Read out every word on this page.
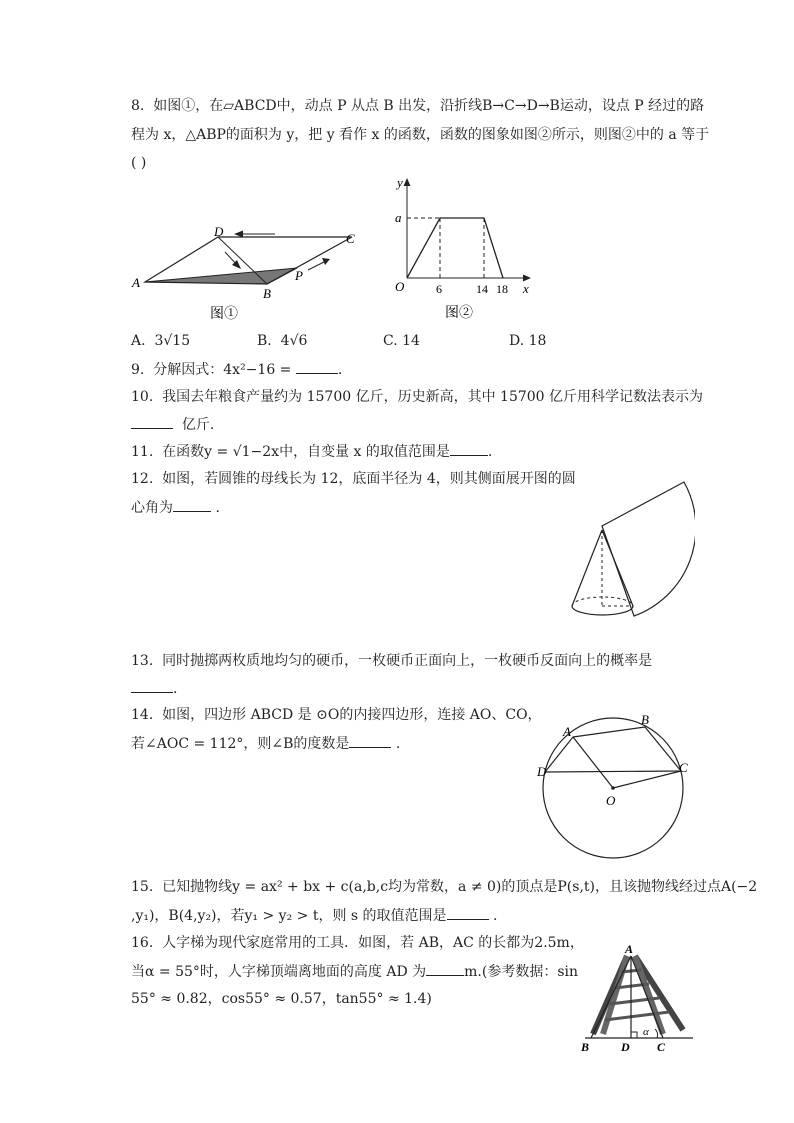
8. 如图①，在▱ABCD中，动点 P 从点 B 出发，沿折线B→C→D→B运动，设点 P 经过的路
程为 x，△ABP的面积为 y，把 y 看作 x 的函数，函数的图象如图②所示，则图②中的 a 等于
( )
A
B
C
D
P
图①
y
x
O
a
6	14 18
图②
A. 3√15	B. 4√6	C. 14	D. 18
9. 分解因式：4x²−16 =	.
10. 我国去年粮食产量约为 15700 亿斤，历史新高，其中 15700 亿斤用科学记数法表示为
亿斤.
11. 在函数y = √1−2x中，自变量 x 的取值范围是	.
12. 如图，若圆锥的母线长为 12，底面半径为 4，则其侧面展开图的圆
心角为	.
13. 同时抛掷两枚质地均匀的硬币，一枚硬币正面向上，一枚硬币反面向上的概率是
.
14. 如图，四边形 ABCD 是 ⊙O的内接四边形，连接 AO、CO，
若∠AOC = 112°，则∠B的度数是	.
A
B
C
D
O
15. 已知抛物线y = ax² + bx + c(a,b,c均为常数，a ≠ 0)的顶点是P(s,t)，且该抛物线经过点A(−2
,y₁)，B(4,y₂)，若y₁ > y₂ > t，则 s 的取值范围是	.
16. 人字梯为现代家庭常用的工具．如图，若 AB，AC 的长都为2.5m，
当α = 55°时，人字梯顶端离地面的高度 AD 为	m.(参考数据：sin
55° ≈ 0.82，cos55° ≈ 0.57，tan55° ≈ 1.4)
A
B	D C
α
